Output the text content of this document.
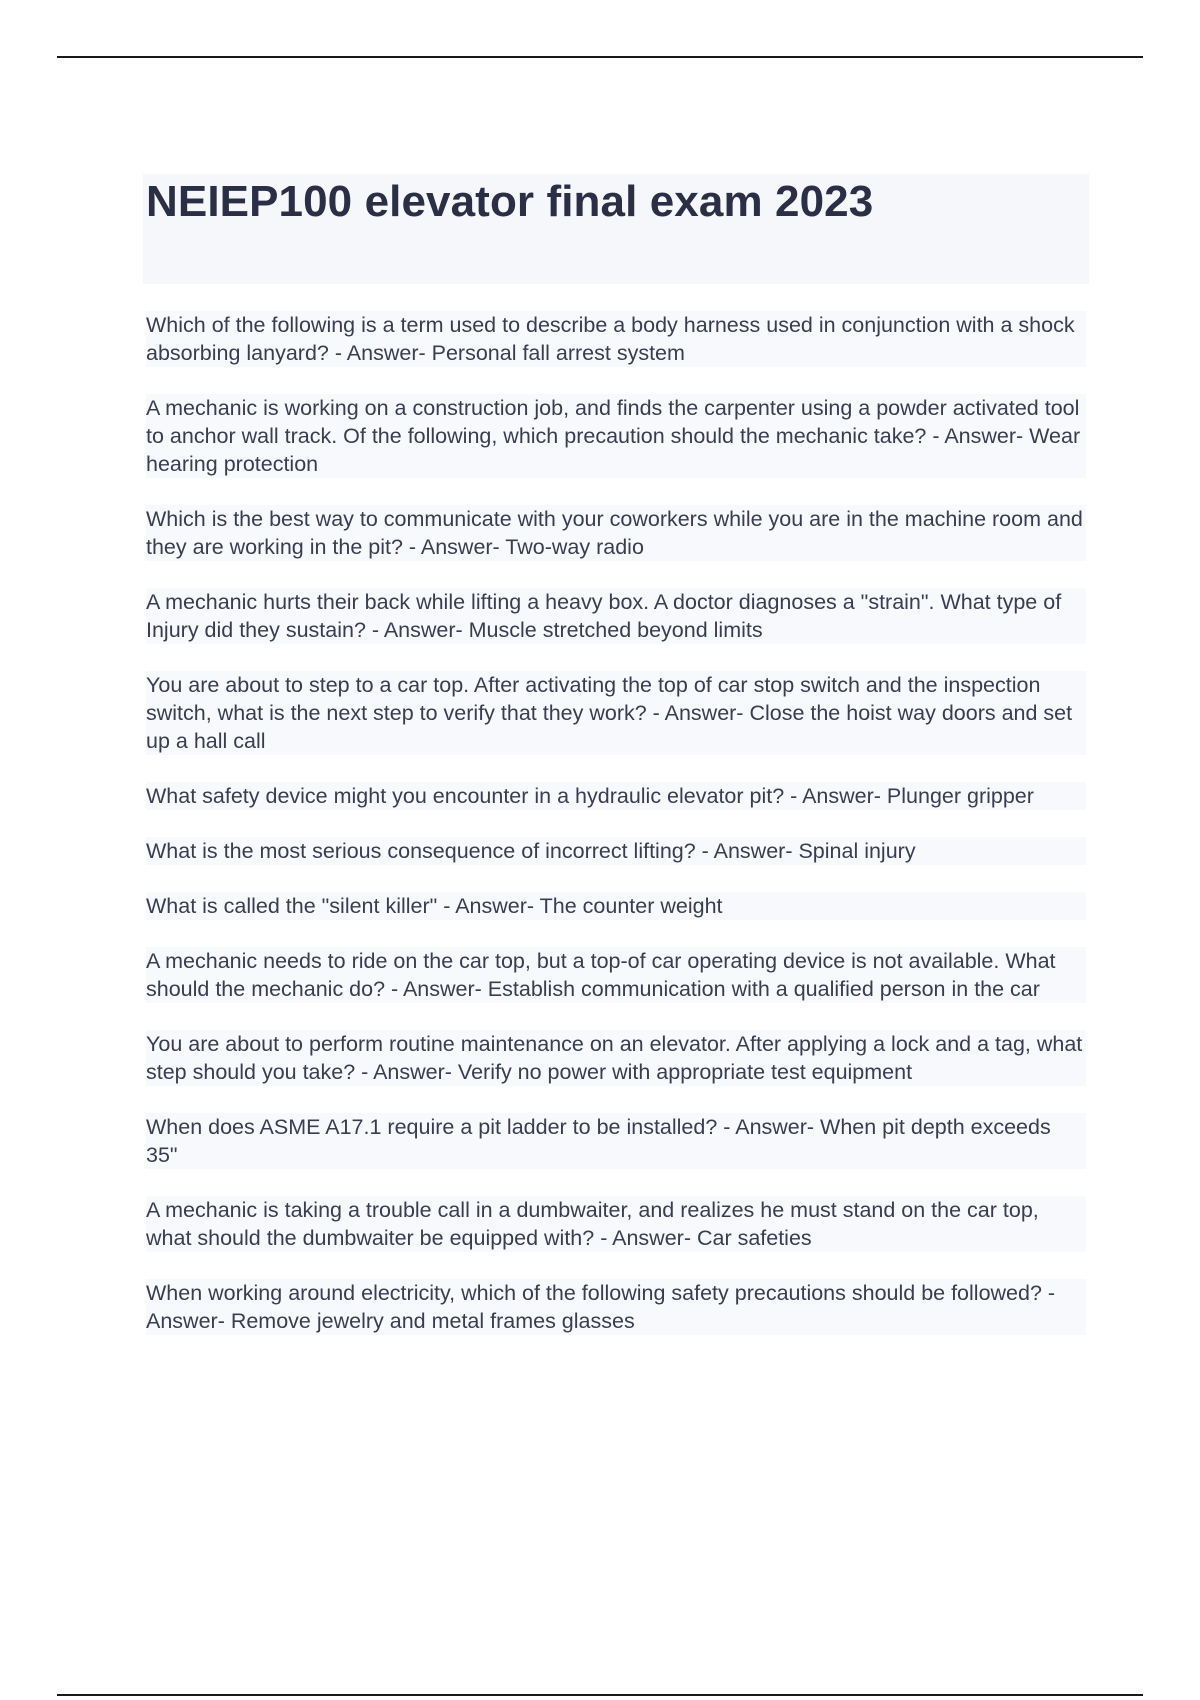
NEIEP100 elevator final exam 2023
Which of the following is a term used to describe a body harness used in conjunction with a shock absorbing lanyard? - Answer- Personal fall arrest system
A mechanic is working on a construction job, and finds the carpenter using a powder activated tool to anchor wall track. Of the following, which precaution should the mechanic take? - Answer- Wear hearing protection
Which is the best way to communicate with your coworkers while you are in the machine room and they are working in the pit? - Answer- Two-way radio
A mechanic hurts their back while lifting a heavy box. A doctor diagnoses a "strain". What type of Injury did they sustain? - Answer- Muscle stretched beyond limits
You are about to step to a car top. After activating the top of car stop switch and the inspection switch, what is the next step to verify that they work? - Answer- Close the hoist way doors and set up a hall call
What safety device might you encounter in a hydraulic elevator pit? - Answer- Plunger gripper
What is the most serious consequence of incorrect lifting? - Answer- Spinal injury
What is called the "silent killer" - Answer- The counter weight
A mechanic needs to ride on the car top, but a top-of car operating device is not available. What should the mechanic do? - Answer- Establish communication with a qualified person in the car
You are about to perform routine maintenance on an elevator. After applying a lock and a tag, what step should you take? - Answer- Verify no power with appropriate test equipment
When does ASME A17.1 require a pit ladder to be installed? - Answer- When pit depth exceeds 35"
A mechanic is taking a trouble call in a dumbwaiter, and realizes he must stand on the car top, what should the dumbwaiter be equipped with? - Answer- Car safeties
When working around electricity, which of the following safety precautions should be followed? - Answer- Remove jewelry and metal frames glasses
